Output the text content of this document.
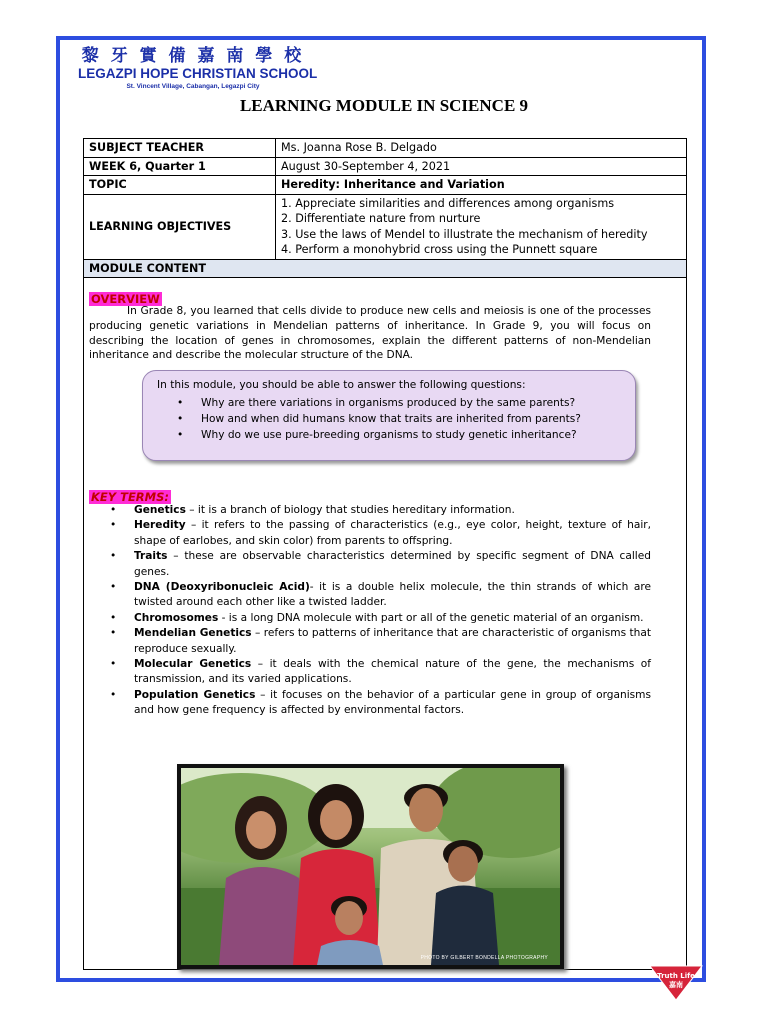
黎 牙 實 備 嘉 南 學 校
LEGAZPI HOPE CHRISTIAN SCHOOL
St. Vincent Village, Cabangan, Legazpi City
LEARNING MODULE IN SCIENCE 9
SUBJECT TEACHER	Ms. Joanna Rose B. Delgado
WEEK 6, Quarter 1	August 30-September 4, 2021
TOPIC	Heredity: Inheritance and Variation
LEARNING OBJECTIVES	1. Appreciate similarities and differences among organisms
2. Differentiate nature from nurture
3. Use the laws of Mendel to illustrate the mechanism of heredity
4. Perform a monohybrid cross using the Punnett square

MODULE CONTENT	
OVERVIEW
In Grade 8, you learned that cells divide to produce new cells and meiosis is one of the processes producing genetic variations in Mendelian patterns of inheritance. In Grade 9, you will focus on describing the location of genes in chromosomes, explain the different patterns of non-Mendelian inheritance and describe the molecular structure of the DNA.
In this module, you should be able to answer the following questions:
• Why are there variations in organisms produced by the same parents?
• How and when did humans know that traits are inherited from parents?
• Why do we use pure-breeding organisms to study genetic inheritance?
KEY TERMS:
• Genetics – it is a branch of biology that studies hereditary information.
• Heredity – it refers to the passing of characteristics (e.g., eye color, height, texture of hair, shape of earlobes, and skin color) from parents to offspring.
• Traits – these are observable characteristics determined by specific segment of DNA called genes.
• DNA (Deoxyribonucleic Acid)- it is a double helix molecule, the thin strands of which are twisted around each other like a twisted ladder.
• Chromosomes - is a long DNA molecule with part or all of the genetic material of an organism.
• Mendelian Genetics – refers to patterns of inheritance that are characteristic of organisms that reproduce sexually.
• Molecular Genetics – it deals with the chemical nature of the gene, the mechanisms of transmission, and its varied applications.
• Population Genetics – it focuses on the behavior of a particular gene in group of organisms and how gene frequency is affected by environmental factors.
PHOTO BY GILBERT BONDELLA PHOTOGRAPHY
Truth Life
嘉南
